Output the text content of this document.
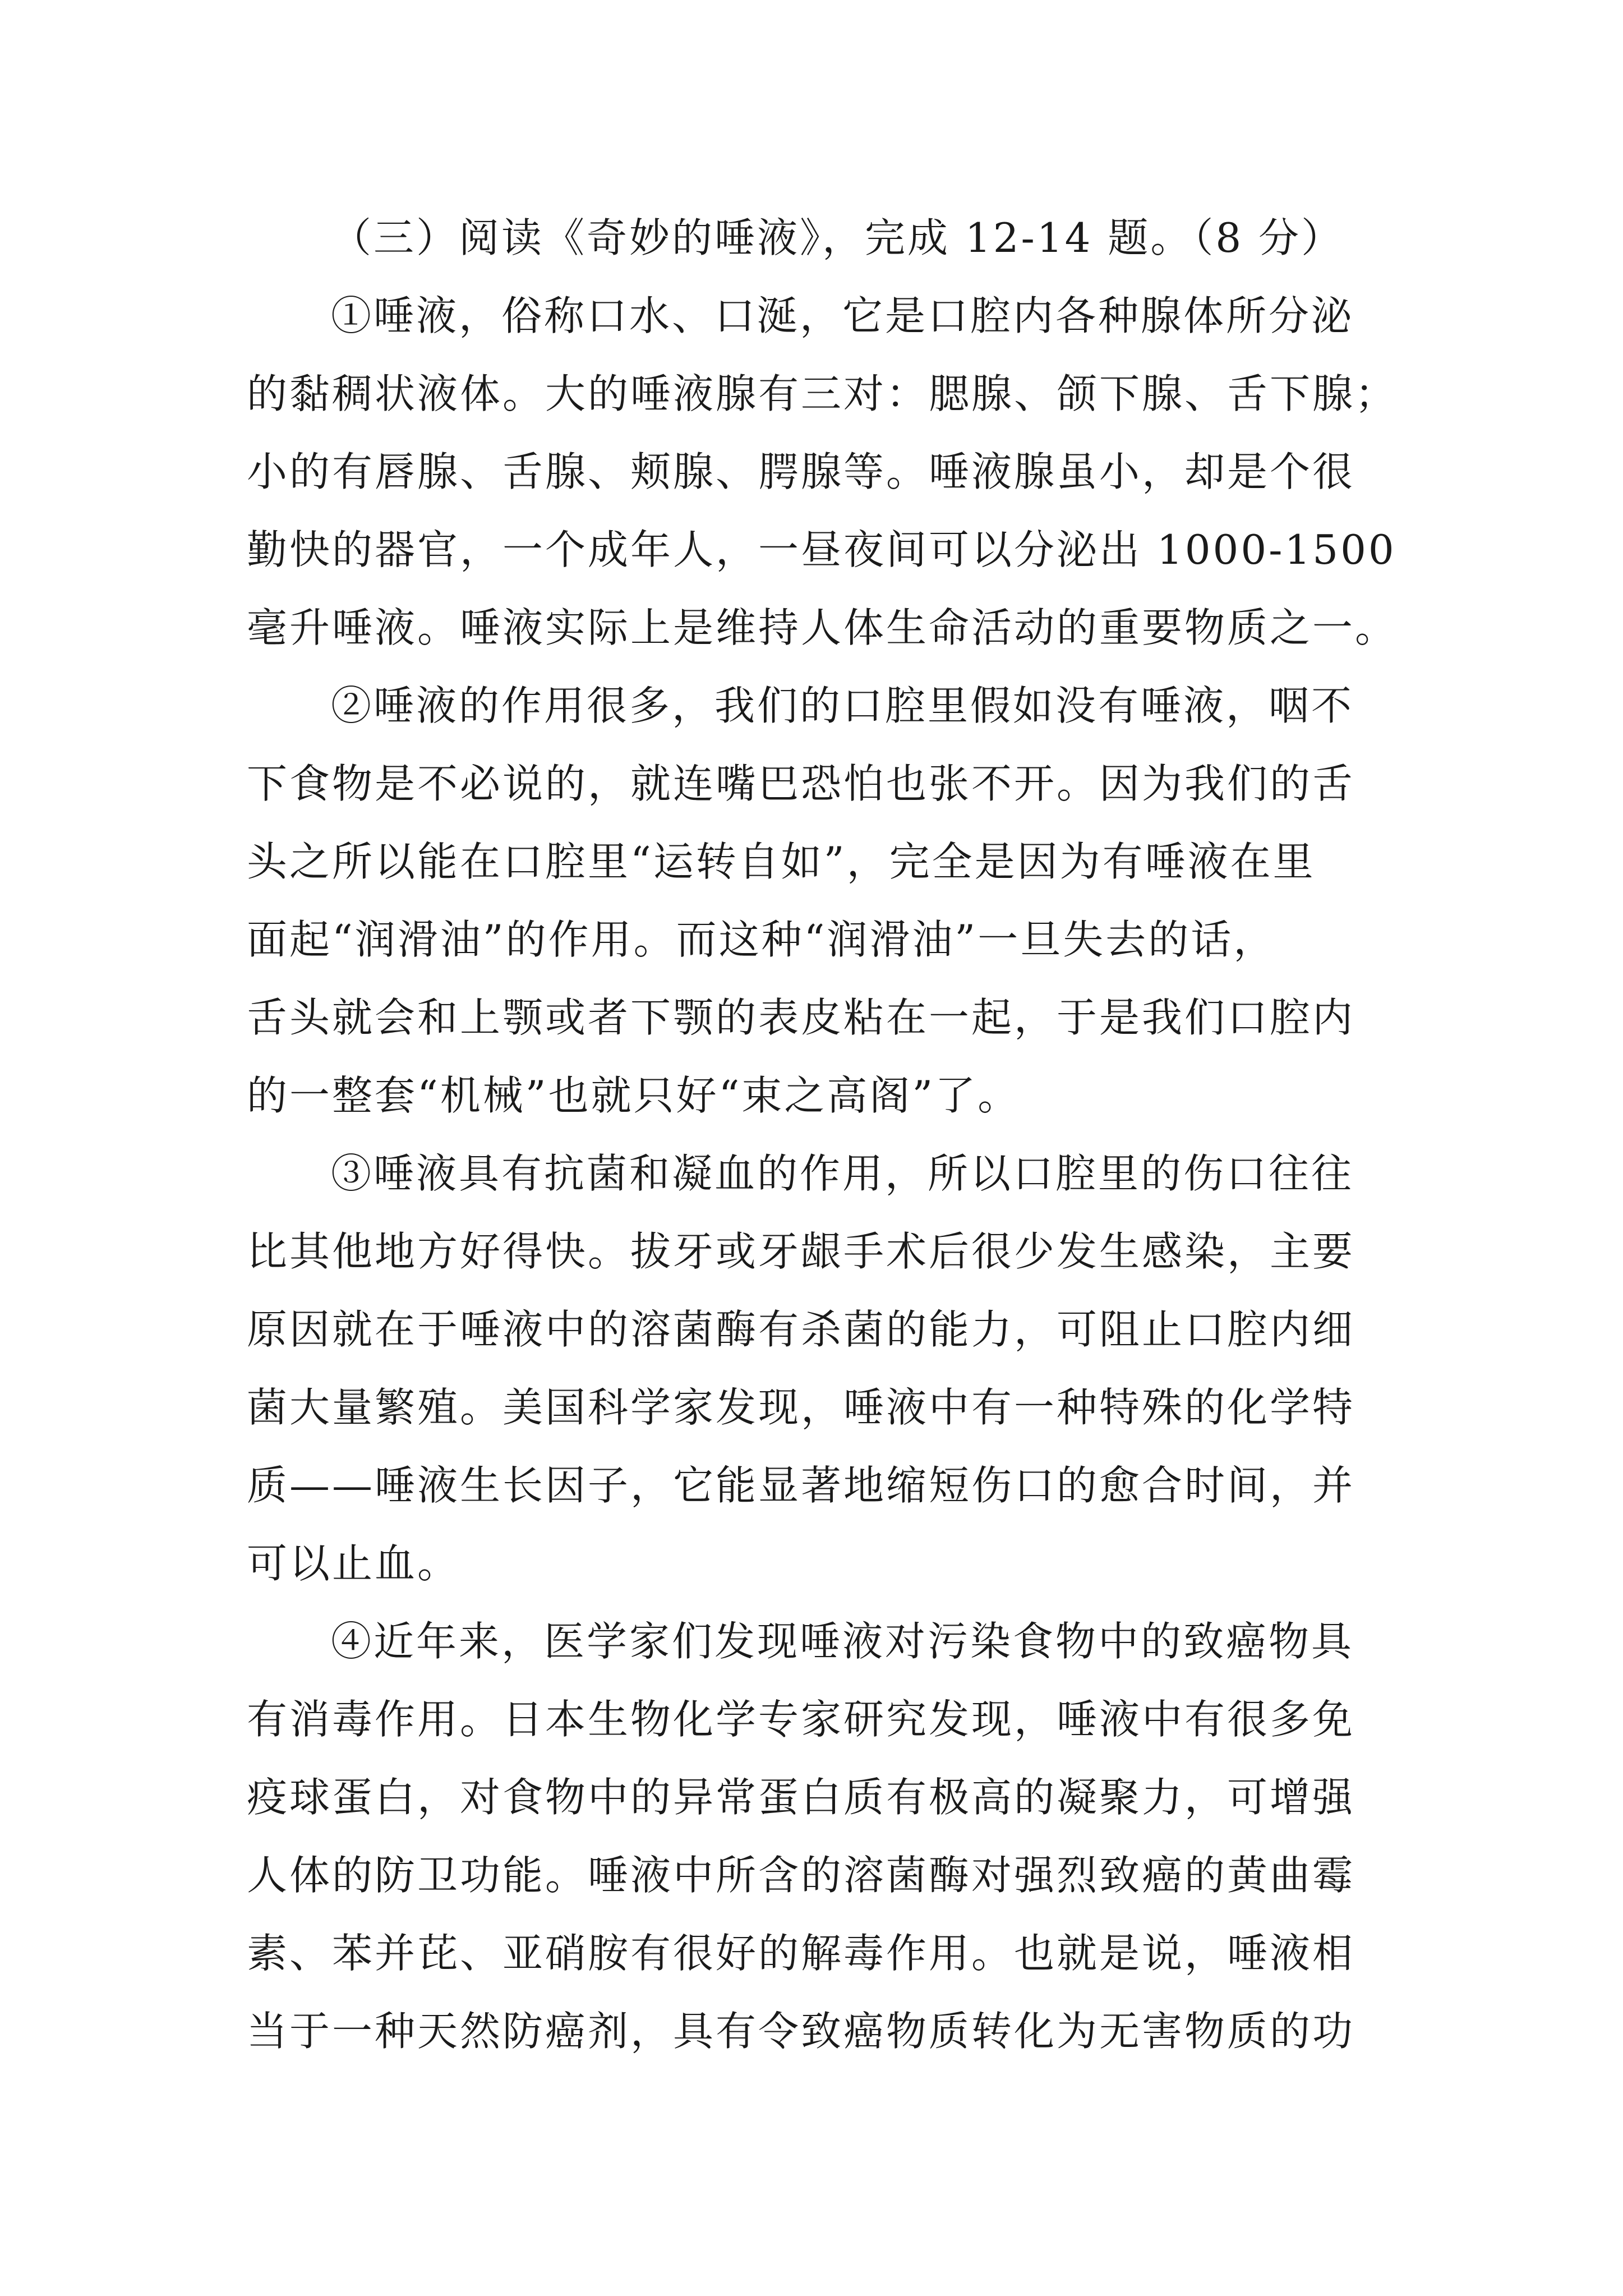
（三）阅读《奇妙的唾液》，完成 12-14 题。（8 分）

①唾液，俗称口水、口涎，它是口腔内各种腺体所分泌
的黏稠状液体。大的唾液腺有三对：腮腺、颌下腺、舌下腺；
小的有唇腺、舌腺、颊腺、腭腺等。唾液腺虽小，却是个很
勤快的器官，一个成年人，一昼夜间可以分泌出 1000-1500
毫升唾液。唾液实际上是维持人体生命活动的重要物质之一。
②唾液的作用很多，我们的口腔里假如没有唾液，咽不
下食物是不必说的，就连嘴巴恐怕也张不开。因为我们的舌
头之所以能在口腔里“运转自如”，完全是因为有唾液在里
面起“润滑油”的作用。而这种“润滑油”一旦失去的话，
舌头就会和上颚或者下颚的表皮粘在一起，于是我们口腔内
的一整套“机械”也就只好“束之高阁”了。
③唾液具有抗菌和凝血的作用，所以口腔里的伤口往往
比其他地方好得快。拔牙或牙龈手术后很少发生感染，主要
原因就在于唾液中的溶菌酶有杀菌的能力，可阻止口腔内细
菌大量繁殖。美国科学家发现，唾液中有一种特殊的化学特
质——唾液生长因子，它能显著地缩短伤口的愈合时间，并
可以止血。
④近年来，医学家们发现唾液对污染食物中的致癌物具
有消毒作用。日本生物化学专家研究发现，唾液中有很多免
疫球蛋白，对食物中的异常蛋白质有极高的凝聚力，可增强
人体的防卫功能。唾液中所含的溶菌酶对强烈致癌的黄曲霉
素、苯并芘、亚硝胺有很好的解毒作用。也就是说，唾液相
当于一种天然防癌剂，具有令致癌物质转化为无害物质的功
